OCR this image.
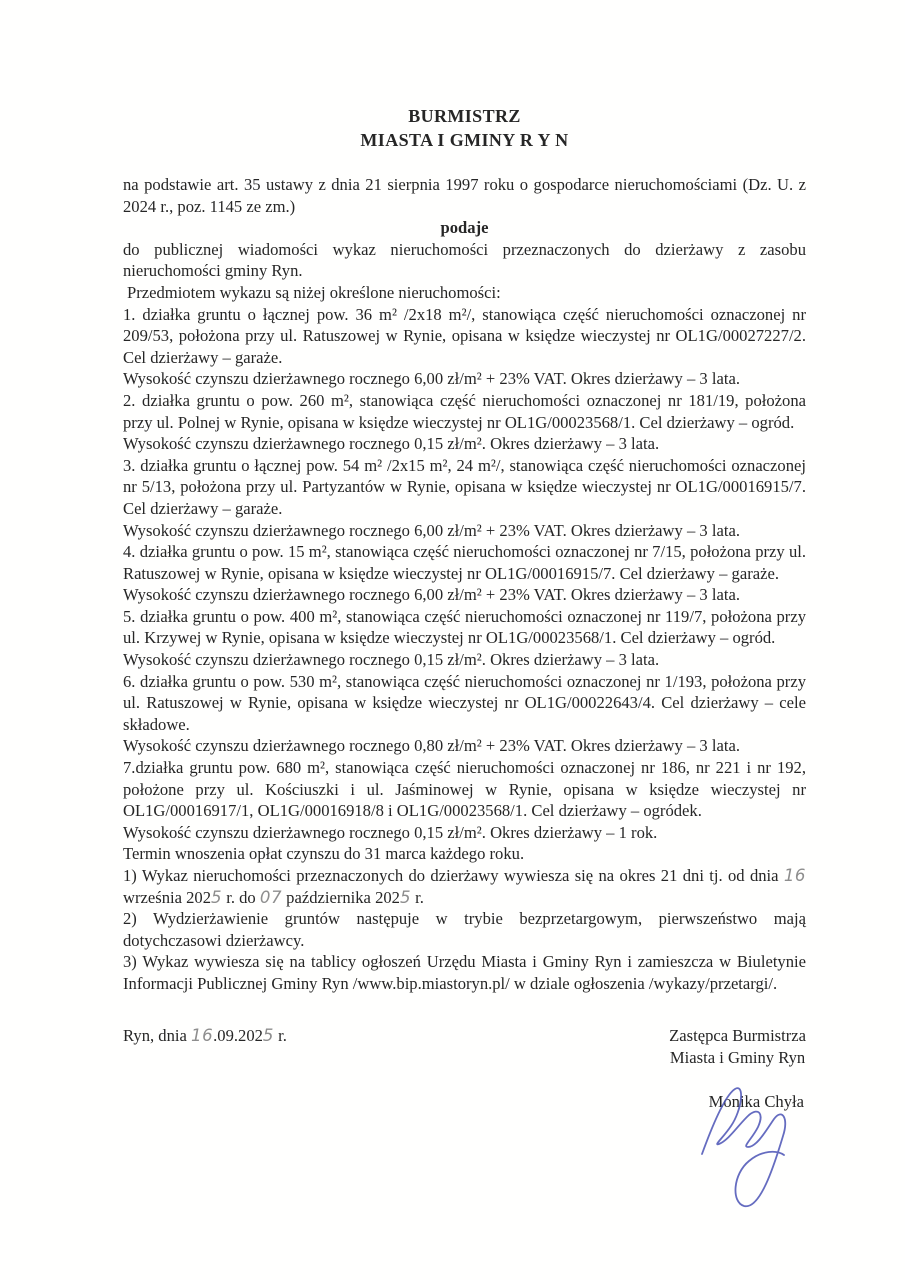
BURMISTRZ
MIASTA I GMINY R Y N

na podstawie art. 35 ustawy z dnia 21 sierpnia 1997 roku o gospodarce nieruchomościami (Dz. U. z 2024 r., poz. 1145 ze zm.)

podaje

do publicznej wiadomości wykaz nieruchomości przeznaczonych do dzierżawy z zasobu nieruchomości gminy Ryn.

Przedmiotem wykazu są niżej określone nieruchomości:

1. działka gruntu o łącznej pow. 36 m² /2x18 m²/, stanowiąca część nieruchomości oznaczonej nr 209/53, położona przy ul. Ratuszowej w Rynie, opisana w księdze wieczystej nr OL1G/00027227/2. Cel dzierżawy – garaże.

Wysokość czynszu dzierżawnego rocznego 6,00 zł/m² + 23% VAT. Okres dzierżawy – 3 lata.

2. działka gruntu o pow. 260 m², stanowiąca część nieruchomości oznaczonej nr 181/19, położona przy ul. Polnej w Rynie, opisana w księdze wieczystej nr OL1G/00023568/1. Cel dzierżawy – ogród.

Wysokość czynszu dzierżawnego rocznego 0,15 zł/m². Okres dzierżawy – 3 lata.

3. działka gruntu o łącznej pow. 54 m² /2x15 m², 24 m²/, stanowiąca część nieruchomości oznaczonej nr 5/13, położona przy ul. Partyzantów w Rynie, opisana w księdze wieczystej nr OL1G/00016915/7. Cel dzierżawy – garaże.

Wysokość czynszu dzierżawnego rocznego 6,00 zł/m² + 23% VAT. Okres dzierżawy – 3 lata.

4. działka gruntu o pow. 15 m², stanowiąca część nieruchomości oznaczonej nr 7/15, położona przy ul. Ratuszowej w Rynie, opisana w księdze wieczystej nr OL1G/00016915/7. Cel dzierżawy – garaże.

Wysokość czynszu dzierżawnego rocznego 6,00 zł/m² + 23% VAT. Okres dzierżawy – 3 lata.

5. działka gruntu o pow. 400 m², stanowiąca część nieruchomości oznaczonej nr 119/7, położona przy ul. Krzywej w Rynie, opisana w księdze wieczystej nr OL1G/00023568/1. Cel dzierżawy – ogród.

Wysokość czynszu dzierżawnego rocznego 0,15 zł/m². Okres dzierżawy – 3 lata.

6. działka gruntu o pow. 530 m², stanowiąca część nieruchomości oznaczonej nr 1/193, położona przy ul. Ratuszowej w Rynie, opisana w księdze wieczystej nr OL1G/00022643/4. Cel dzierżawy – cele składowe.

Wysokość czynszu dzierżawnego rocznego 0,80 zł/m² + 23% VAT. Okres dzierżawy – 3 lata.

7.działka gruntu pow. 680 m², stanowiąca część nieruchomości oznaczonej nr 186, nr 221 i nr 192, położone przy ul. Kościuszki i ul. Jaśminowej w Rynie, opisana w księdze wieczystej nr OL1G/00016917/1, OL1G/00016918/8 i OL1G/00023568/1. Cel dzierżawy – ogródek.

Wysokość czynszu dzierżawnego rocznego 0,15 zł/m². Okres dzierżawy – 1 rok.

Termin wnoszenia opłat czynszu do 31 marca każdego roku.

1) Wykaz nieruchomości przeznaczonych do dzierżawy wywiesza się na okres 21 dni tj. od dnia 16 września 2025 r. do 07 października 2025 r.

2) Wydzierżawienie gruntów następuje w trybie bezprzetargowym, pierwszeństwo mają dotychczasowi dzierżawcy.

3) Wykaz wywiesza się na tablicy ogłoszeń Urzędu Miasta i Gminy Ryn i zamieszcza w Biuletynie Informacji Publicznej Gminy Ryn /www.bip.miastoryn.pl/ w dziale ogłoszenia /wykazy/przetargi/.

Ryn, dnia 16.09.2025 r.	Zastępca Burmistrza

Miasta i Gminy Ryn

Monika Chyła
